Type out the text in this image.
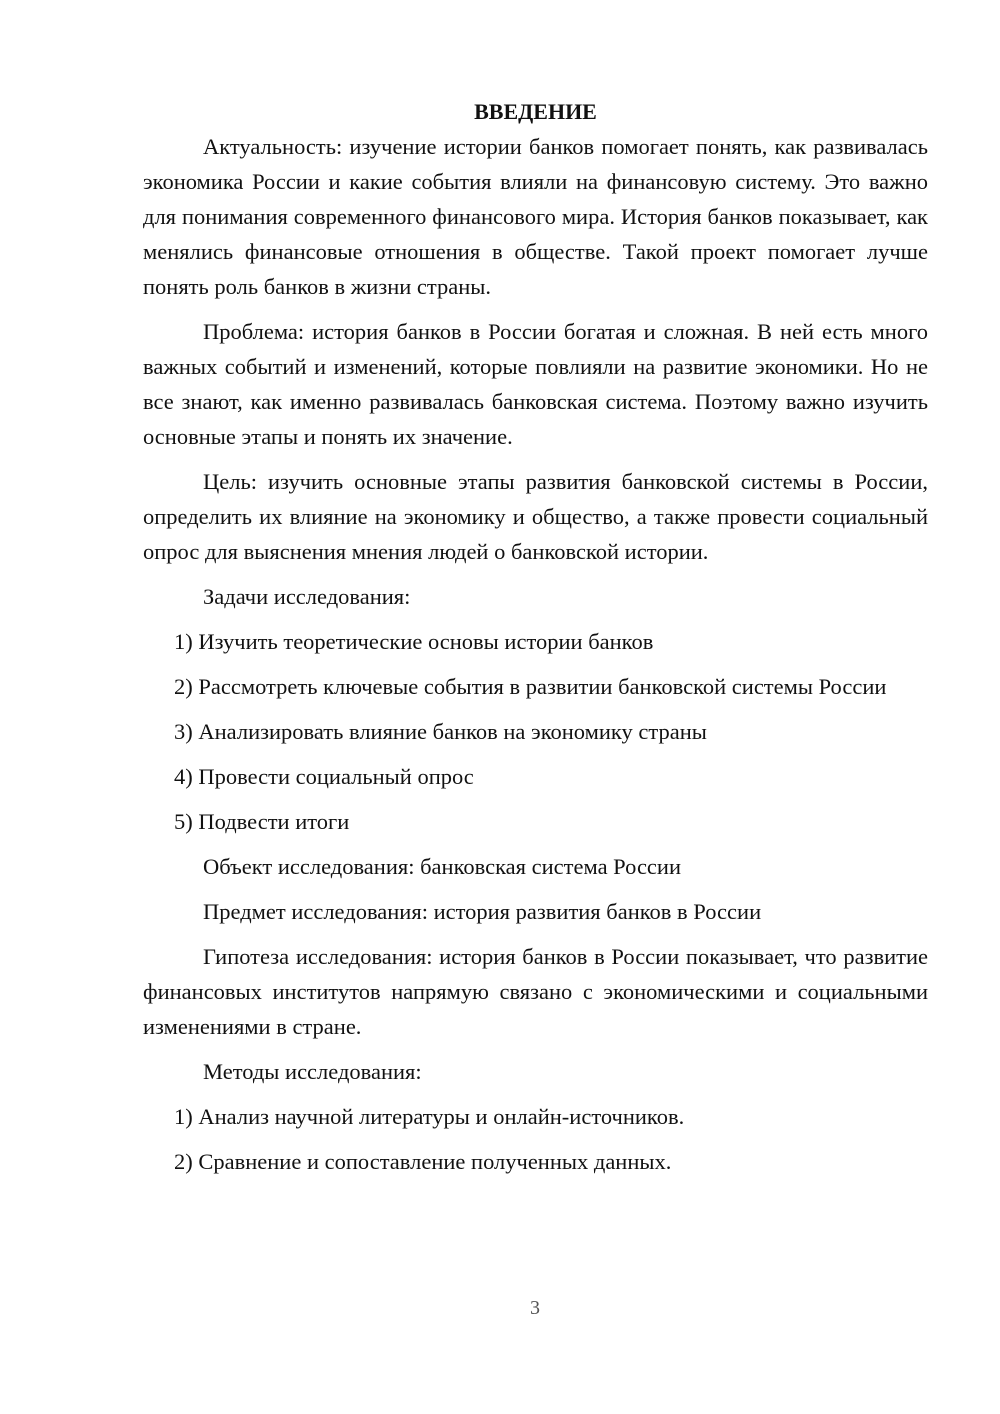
ВВЕДЕНИЕ

Актуальность: изучение истории банков помогает понять, как развивалась экономика России и какие события влияли на финансовую систему. Это важно для понимания современного финансового мира. История банков показывает, как менялись финансовые отношения в обществе. Такой проект помогает лучше понять роль банков в жизни страны.

Проблема: история банков в России богатая и сложная. В ней есть много важных событий и изменений, которые повлияли на развитие экономики. Но не все знают, как именно развивалась банковская система. Поэтому важно изучить основные этапы и понять их значение.

Цель: изучить основные этапы развития банковской системы в России, определить их влияние на экономику и общество, а также провести социальный опрос для выяснения мнения людей о банковской истории.

Задачи исследования:

1) Изучить теоретические основы истории банков

2) Рассмотреть ключевые события в развитии банковской системы России

3) Анализировать влияние банков на экономику страны

4) Провести социальный опрос

5) Подвести итоги

Объект исследования: банковская система России

Предмет исследования: история развития банков в России

Гипотеза исследования: история банков в России показывает, что развитие финансовых институтов напрямую связано с экономическими и социальными изменениями в стране.

Методы исследования:

1) Анализ научной литературы и онлайн-источников.

2) Сравнение и сопоставление полученных данных.

3
